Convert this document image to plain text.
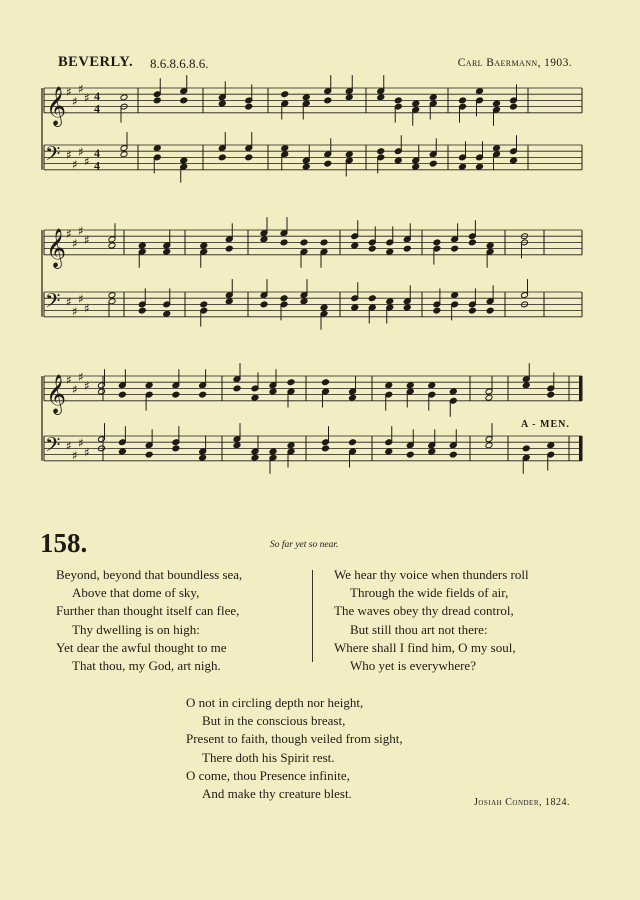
𝄞 ♯
♯
♯
♯ 4
4
𝄢 ♯
♯
♯
♯
4
4
𝄞 ♯
♯
♯
♯
𝄢 ♯
♯
♯
♯
𝄞 ♯
♯
♯
♯
𝄢 ♯
♯
♯
♯
BEVERLY. 8.6.8.6.8.6.	Carl Baermann, 1903.
A - MEN.
158.	So far yet so near.
Beyond, beyond that boundless sea,
Above that dome of sky,
Further than thought itself can flee,
Thy dwelling is on high:
Yet dear the awful thought to me
That thou, my God, art nigh.
We hear thy voice when thunders roll
Through the wide fields of air,
The waves obey thy dread control,
But still thou art not there:
Where shall I find him, O my soul,
Who yet is everywhere?
O not in circling depth nor height,
But in the conscious breast,
Present to faith, though veiled from sight,
There doth his Spirit rest.
O come, thou Presence infinite,
And make thy creature blest.
Josiah Conder, 1824.
